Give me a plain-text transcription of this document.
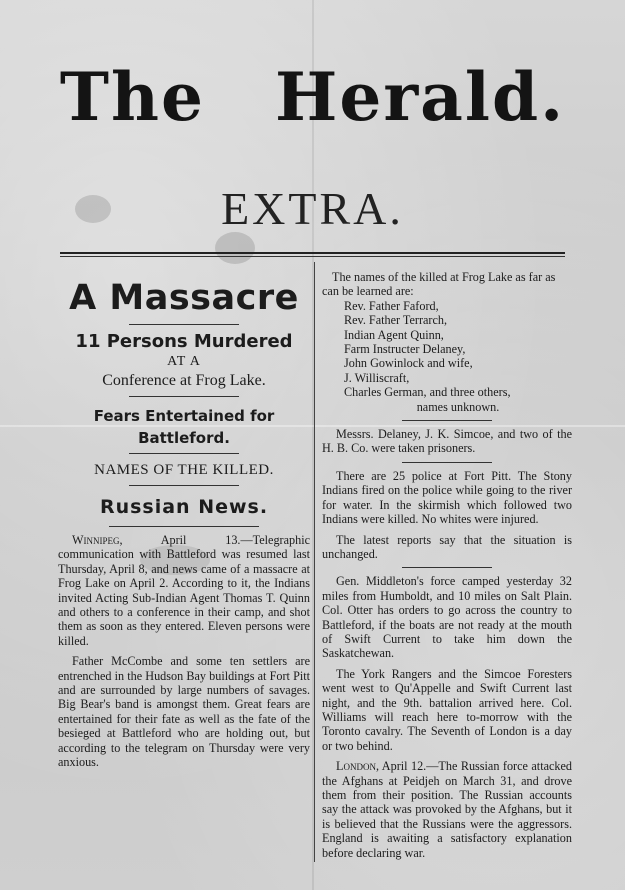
The Herald.
EXTRA.
A Massacre
11 Persons Murdered
AT A
Conference at Frog Lake.
Fears Entertained for
Battleford.
NAMES OF THE KILLED.
Russian News.

Winnipeg,	April 13.—Telegraphic communication with Battleford was resumed last Thursday, April 8, and news came of a massacre at Frog Lake on April 2. According to it, the Indians invited Acting Sub-Indian Agent Thomas T. Quinn and others to a conference in their camp, and shot them as soon as they entered. Eleven persons were killed.

Father McCombe and some ten settlers are entrenched in the Hudson Bay buildings at Fort Pitt and are surrounded by large numbers of savages. Big Bear's band is amongst them. Great fears are entertained for their fate as well as the fate of the besieged at Battleford who are holding out, but according to the telegram on Thursday were very anxious.

The names of the killed at Frog Lake as far as can be learned are:

Rev. Father Faford,
Rev. Father Terrarch,
Indian Agent Quinn,
Farm Instructer Delaney,
John Gowinlock and wife,
J. Williscraft,
Charles German, and three others,
names unknown.

Messrs. Delaney, J. K. Simcoe, and two of the H. B. Co. were taken prisoners.

There are 25 police at Fort Pitt. The Stony Indians fired on the police while going to the river for water. In the skirmish which followed two Indians were killed. No whites were injured.

The latest reports say that the situation is unchanged.

Gen. Middleton's force camped yesterday 32 miles from Humboldt, and 10 miles on Salt Plain. Col. Otter has orders to go across the country to Battleford, if the boats are not ready at the mouth of Swift Current to take him down the Saskatchewan.

The York Rangers and the Simcoe Foresters went west to Qu'Appelle and Swift Current last night, and the 9th. battalion arrived here. Col. Williams will reach here to-morrow with the Toronto cavalry. The Seventh of London is a day or two behind.

London, April 12.—The Russian force attacked the Afghans at Peidjeh on March 31, and drove them from their position. The Russian accounts say the attack was provoked by the Afghans, but it is believed that the Russians were the aggressors. England is awaiting a satisfactory explanation before declaring war.
